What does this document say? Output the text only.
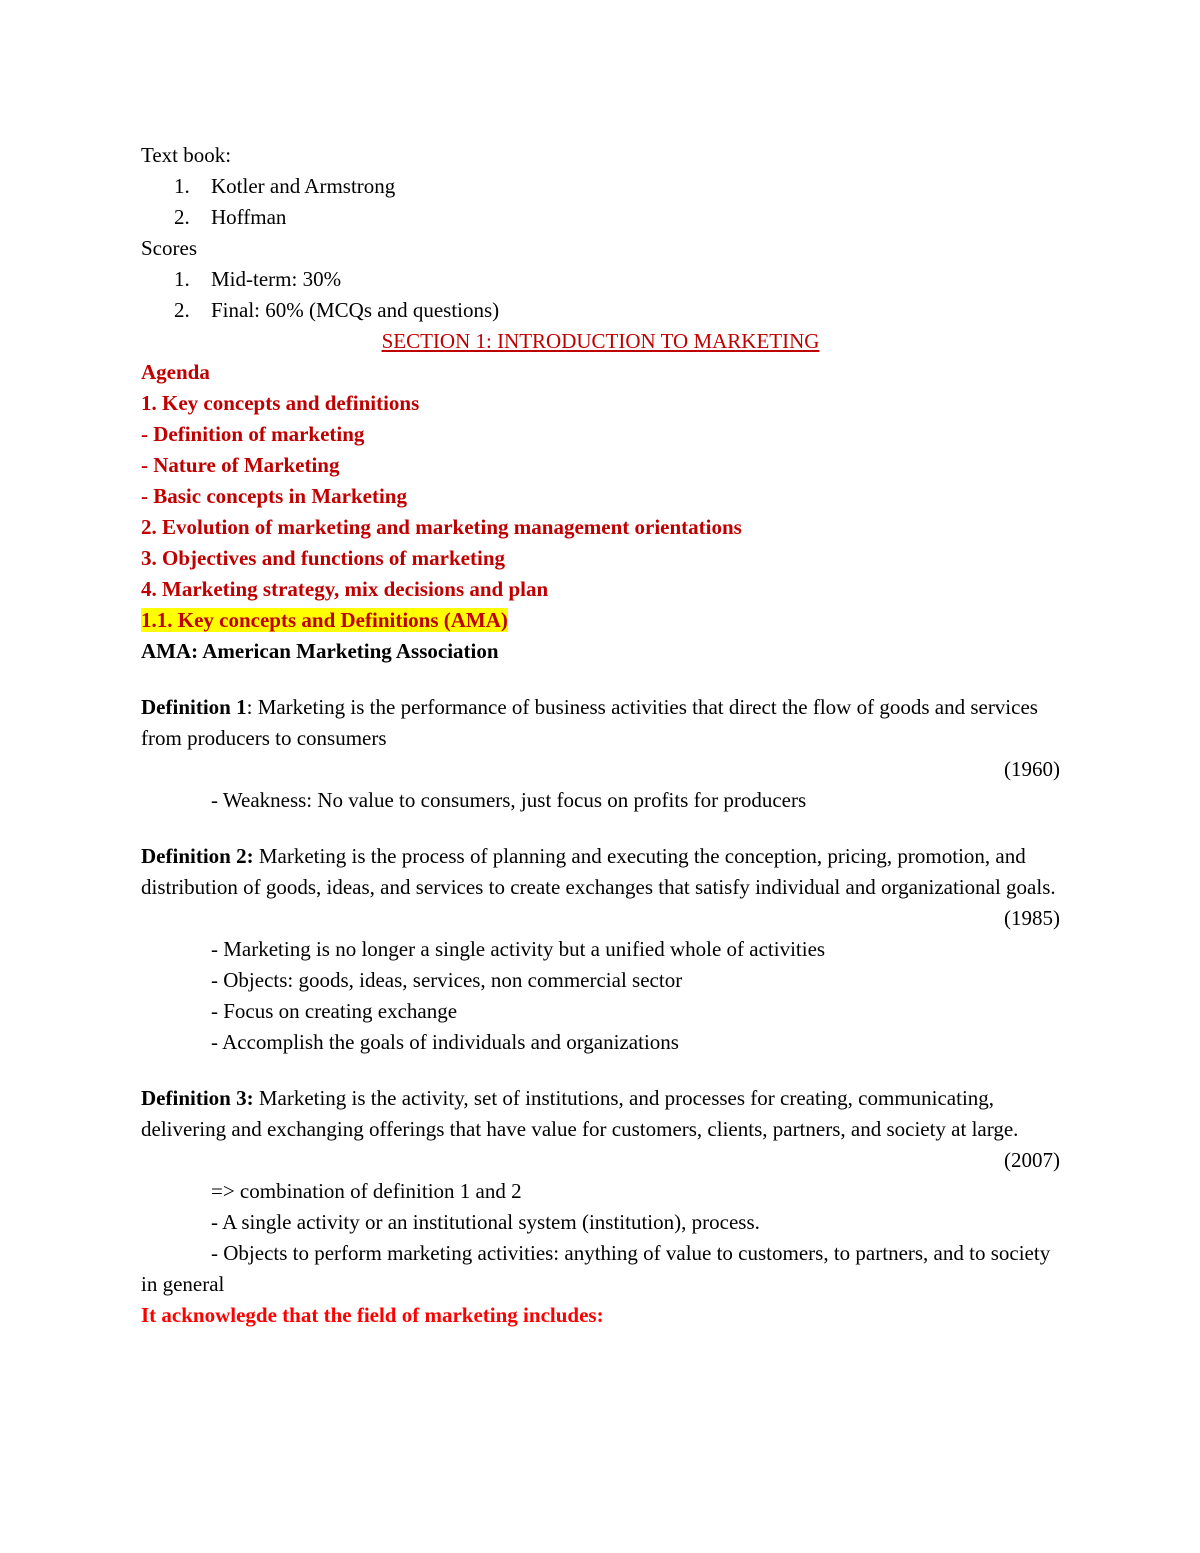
Text book:
1. Kotler and Armstrong
2. Hoffman
Scores
1. Mid-term: 30%
2. Final: 60% (MCQs and questions)
SECTION 1: INTRODUCTION TO MARKETING
Agenda
1. Key concepts and definitions
- Definition of marketing
- Nature of Marketing
- Basic concepts in Marketing
2. Evolution of marketing and marketing management orientations
3. Objectives and functions of marketing
4. Marketing strategy, mix decisions and plan
1.1. Key concepts and Definitions (AMA)
AMA: American Marketing Association
Definition 1: Marketing is the performance of business activities that direct the flow of goods and services from producers to consumers
(1960)
- Weakness: No value to consumers, just focus on profits for producers
Definition 2: Marketing is the process of planning and executing the conception, pricing, promotion, and distribution of goods, ideas, and services to create exchanges that satisfy individual and organizational goals.
(1985)
- Marketing is no longer a single activity but a unified whole of activities
- Objects: goods, ideas, services, non commercial sector
- Focus on creating exchange
- Accomplish the goals of individuals and organizations
Definition 3: Marketing is the activity, set of institutions, and processes for creating, communicating, delivering and exchanging offerings that have value for customers, clients, partners, and society at large.
(2007)
=> combination of definition 1 and 2
- A single activity or an institutional system (institution), process.
- Objects to perform marketing activities: anything of value to customers, to partners, and to society in general
It acknowlegde that the field of marketing includes:
